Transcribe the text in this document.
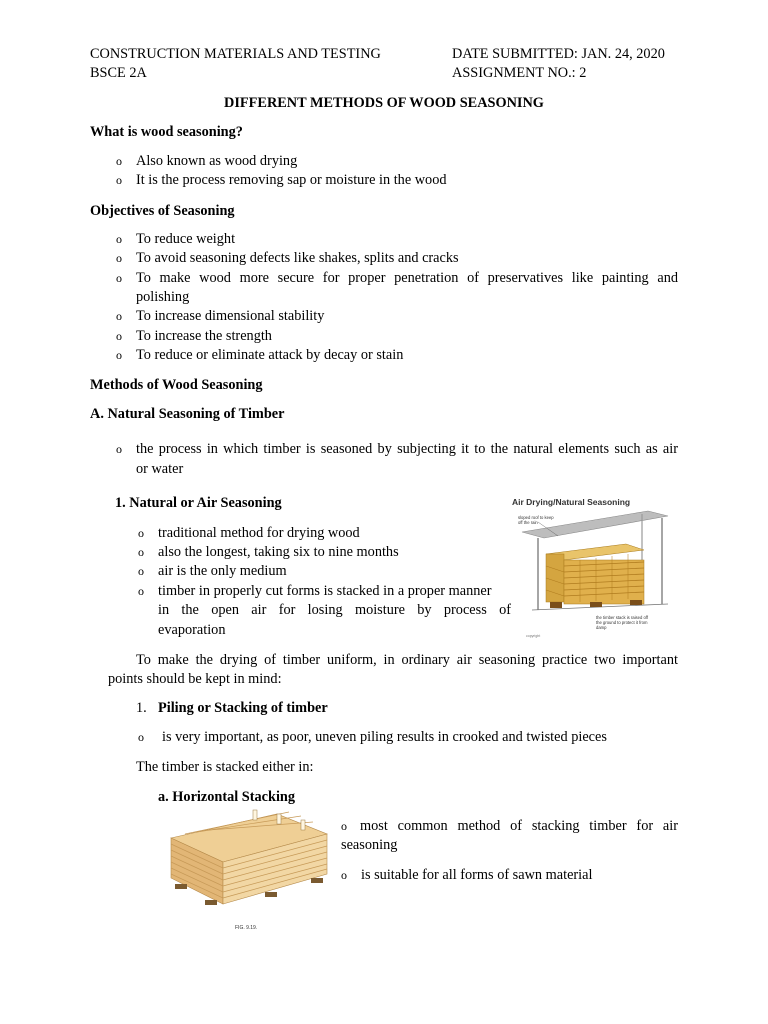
CONSTRUCTION MATERIALS AND TESTING
BSCE 2A
DATE SUBMITTED: JAN. 24, 2020
ASSIGNMENT NO.: 2
DIFFERENT METHODS OF WOOD SEASONING
What is wood seasoning?
o Also known as wood drying
o It is the process removing sap or moisture in the wood
Objectives of Seasoning
o To reduce weight
o To avoid seasoning defects like shakes, splits and cracks
o To make wood more secure for proper penetration of preservatives like painting and
polishing
o To increase dimensional stability
o To increase the strength
o To reduce or eliminate attack by decay or stain
Methods of Wood Seasoning
A. Natural Seasoning of Timber
o the process in which timber is seasoned by subjecting it to the natural elements such as air
or water
1. Natural or Air Seasoning
o traditional method for drying wood
o also the longest, taking six to nine months
o air is the only medium
o timber in properly cut forms is stacked in a proper manner
in the open air for losing moisture by process of
evaporation
Air Drying/Natural Seasoning
sloped roof to keep off the rain
the timber stack is raised off the ground to protect it from damp
copyright
To make the drying of timber uniform, in ordinary air seasoning practice two important
points should be kept in mind:
1. Piling or Stacking of timber
o is very important, as poor, uneven piling results in crooked and twisted pieces
The timber is stacked either in:
a. Horizontal Stacking
FIG. 9.19.
o most common method of stacking timber for air
seasoning
o is suitable for all forms of sawn material
